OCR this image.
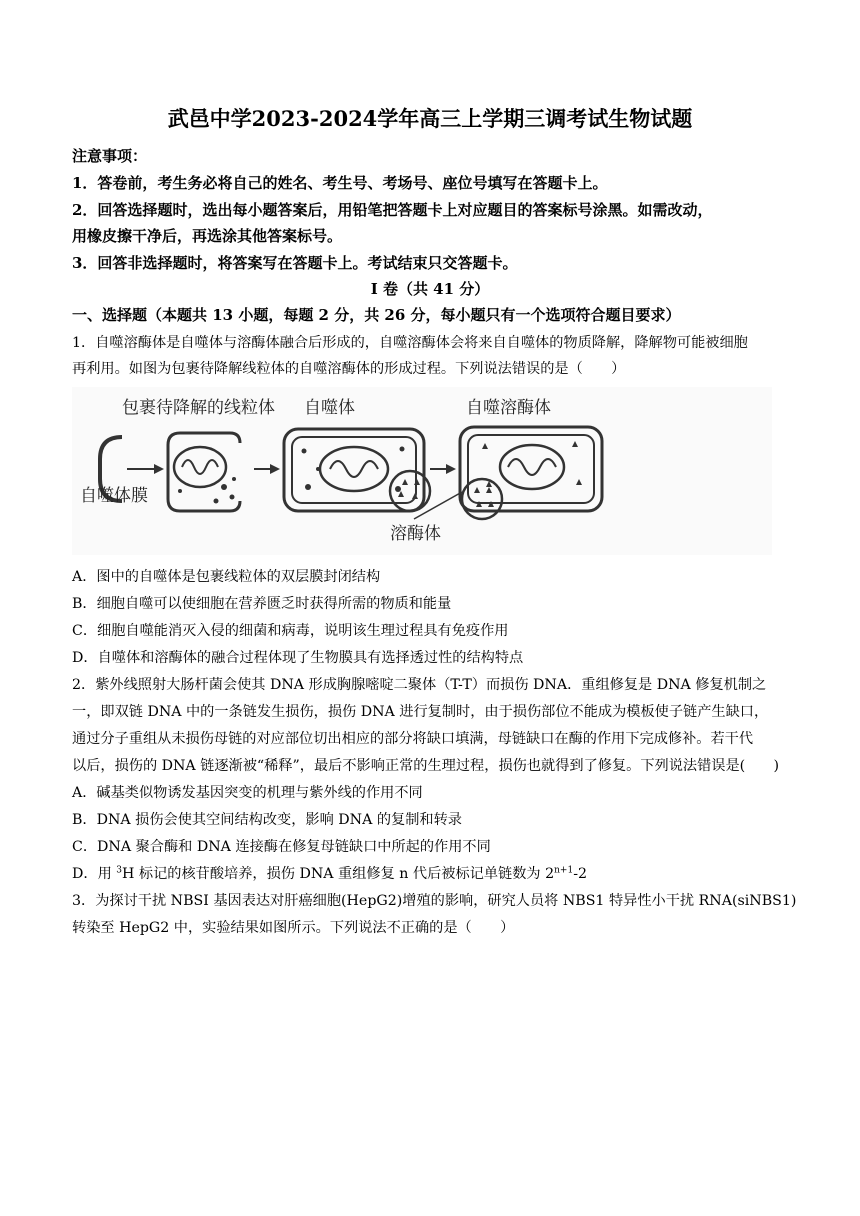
武邑中学2023-2024学年高三上学期三调考试生物试题
注意事项：
1．答卷前，考生务必将自己的姓名、考生号、考场号、座位号填写在答题卡上。
2．回答选择题时，选出每小题答案后，用铅笔把答题卡上对应题目的答案标号涂黑。如需改动，
用橡皮擦干净后，再选涂其他答案标号。
3．回答非选择题时，将答案写在答题卡上。考试结束只交答题卡。
I 卷（共 41 分）
一、选择题（本题共 13 小题，每题 2 分，共 26 分，每小题只有一个选项符合题目要求）
1．自噬溶酶体是自噬体与溶酶体融合后形成的，自噬溶酶体会将来自自噬体的物质降解，降解物可能被细胞
再利用。如图为包裹待降解线粒体的自噬溶酶体的形成过程。下列说法错误的是（　　）
包裹待降解的线粒体 自噬体	自噬溶酶体
自噬体膜
溶酶体
A．图中的自噬体是包裹线粒体的双层膜封闭结构
B．细胞自噬可以使细胞在营养匮乏时获得所需的物质和能量
C．细胞自噬能消灭入侵的细菌和病毒，说明该生理过程具有免疫作用
D．自噬体和溶酶体的融合过程体现了生物膜具有选择透过性的结构特点
2．紫外线照射大肠杆菌会使其 DNA 形成胸腺嘧啶二聚体（T-T）而损伤 DNA．重组修复是 DNA 修复机制之
一，即双链 DNA 中的一条链发生损伤，损伤 DNA 进行复制时，由于损伤部位不能成为模板使子链产生缺口，
通过分子重组从未损伤母链的对应部位切出相应的部分将缺口填满，母链缺口在酶的作用下完成修补。若干代
以后，损伤的 DNA 链逐渐被“稀释”，最后不影响正常的生理过程，损伤也就得到了修复。下列说法错误是(　　)
A．碱基类似物诱发基因突变的机理与紫外线的作用不同
B．DNA 损伤会使其空间结构改变，影响 DNA 的复制和转录
C．DNA 聚合酶和 DNA 连接酶在修复母链缺口中所起的作用不同
D．用 $^3$H 标记的核苷酸培养，损伤 DNA 重组修复 n 代后被标记单链数为 $2^{n+1}-2$
3．为探讨干扰 NBSI 基因表达对肝癌细胞(HepG2)增殖的影响，研究人员将 NBS1 特异性小干扰 RNA(siNBS1)
转染至 HepG2 中，实验结果如图所示。下列说法不正确的是（　　）
